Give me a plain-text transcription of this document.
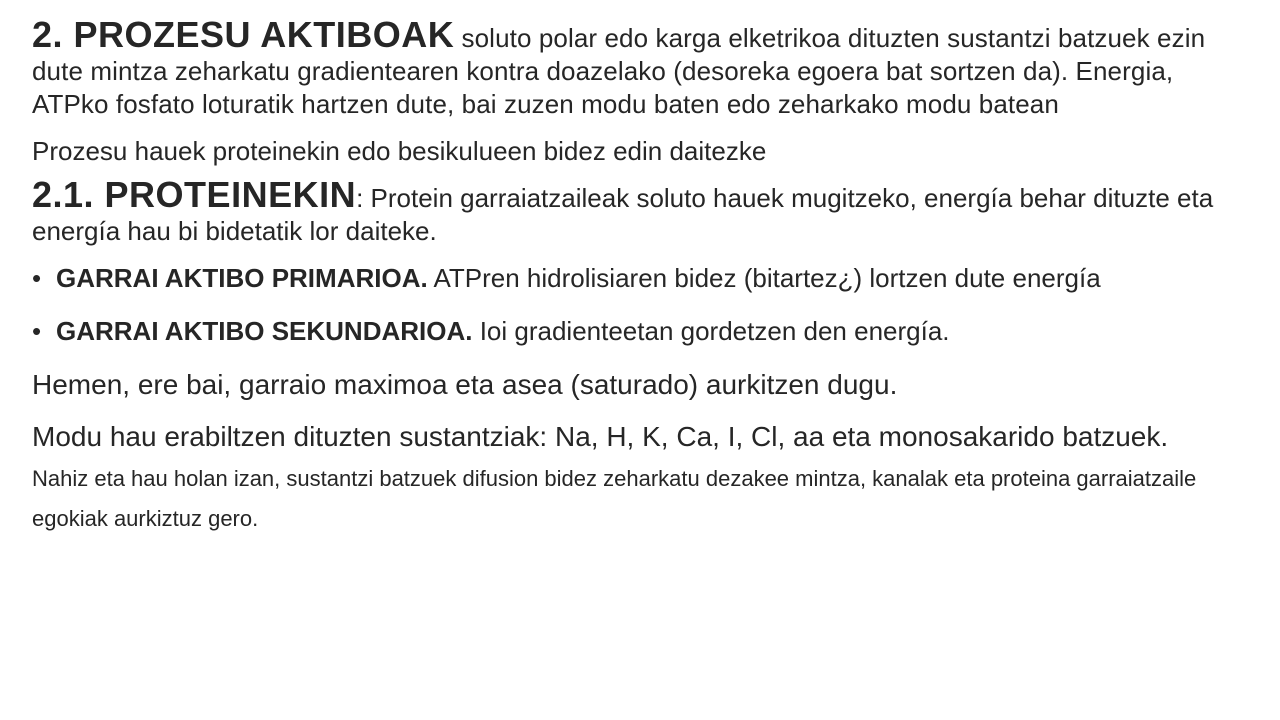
2. PROZESU AKTIBOAK soluto polar edo karga elketrikoa dituzten sustantzi batzuek ezin dute mintza zeharkatu gradientearen kontra doazelako (desoreka egoera bat sortzen da). Energia, ATPko fosfato loturatik hartzen dute, bai zuzen modu baten edo zeharkako modu batean

Prozesu hauek proteinekin edo besikulueen bidez edin daitezke

2.1. PROTEINEKIN: Protein garraiatzaileak soluto hauek mugitzeko, energía behar dituzte eta energía hau bi bidetatik lor daiteke.

• GARRAI AKTIBO PRIMARIOA. ATPren hidrolisiaren bidez (bitartez¿) lortzen dute energía
• GARRAI AKTIBO SEKUNDARIOA. Ioi gradienteetan gordetzen den energía.

Hemen, ere bai, garraio maximoa eta asea (saturado) aurkitzen dugu.

Modu hau erabiltzen dituzten sustantziak: Na, H, K, Ca, I, Cl, aa eta monosakarido batzuek. Nahiz eta hau holan izan, sustantzi batzuek difusion bidez zeharkatu dezakee mintza, kanalak eta proteina garraiatzaile egokiak aurkiztuz gero.
